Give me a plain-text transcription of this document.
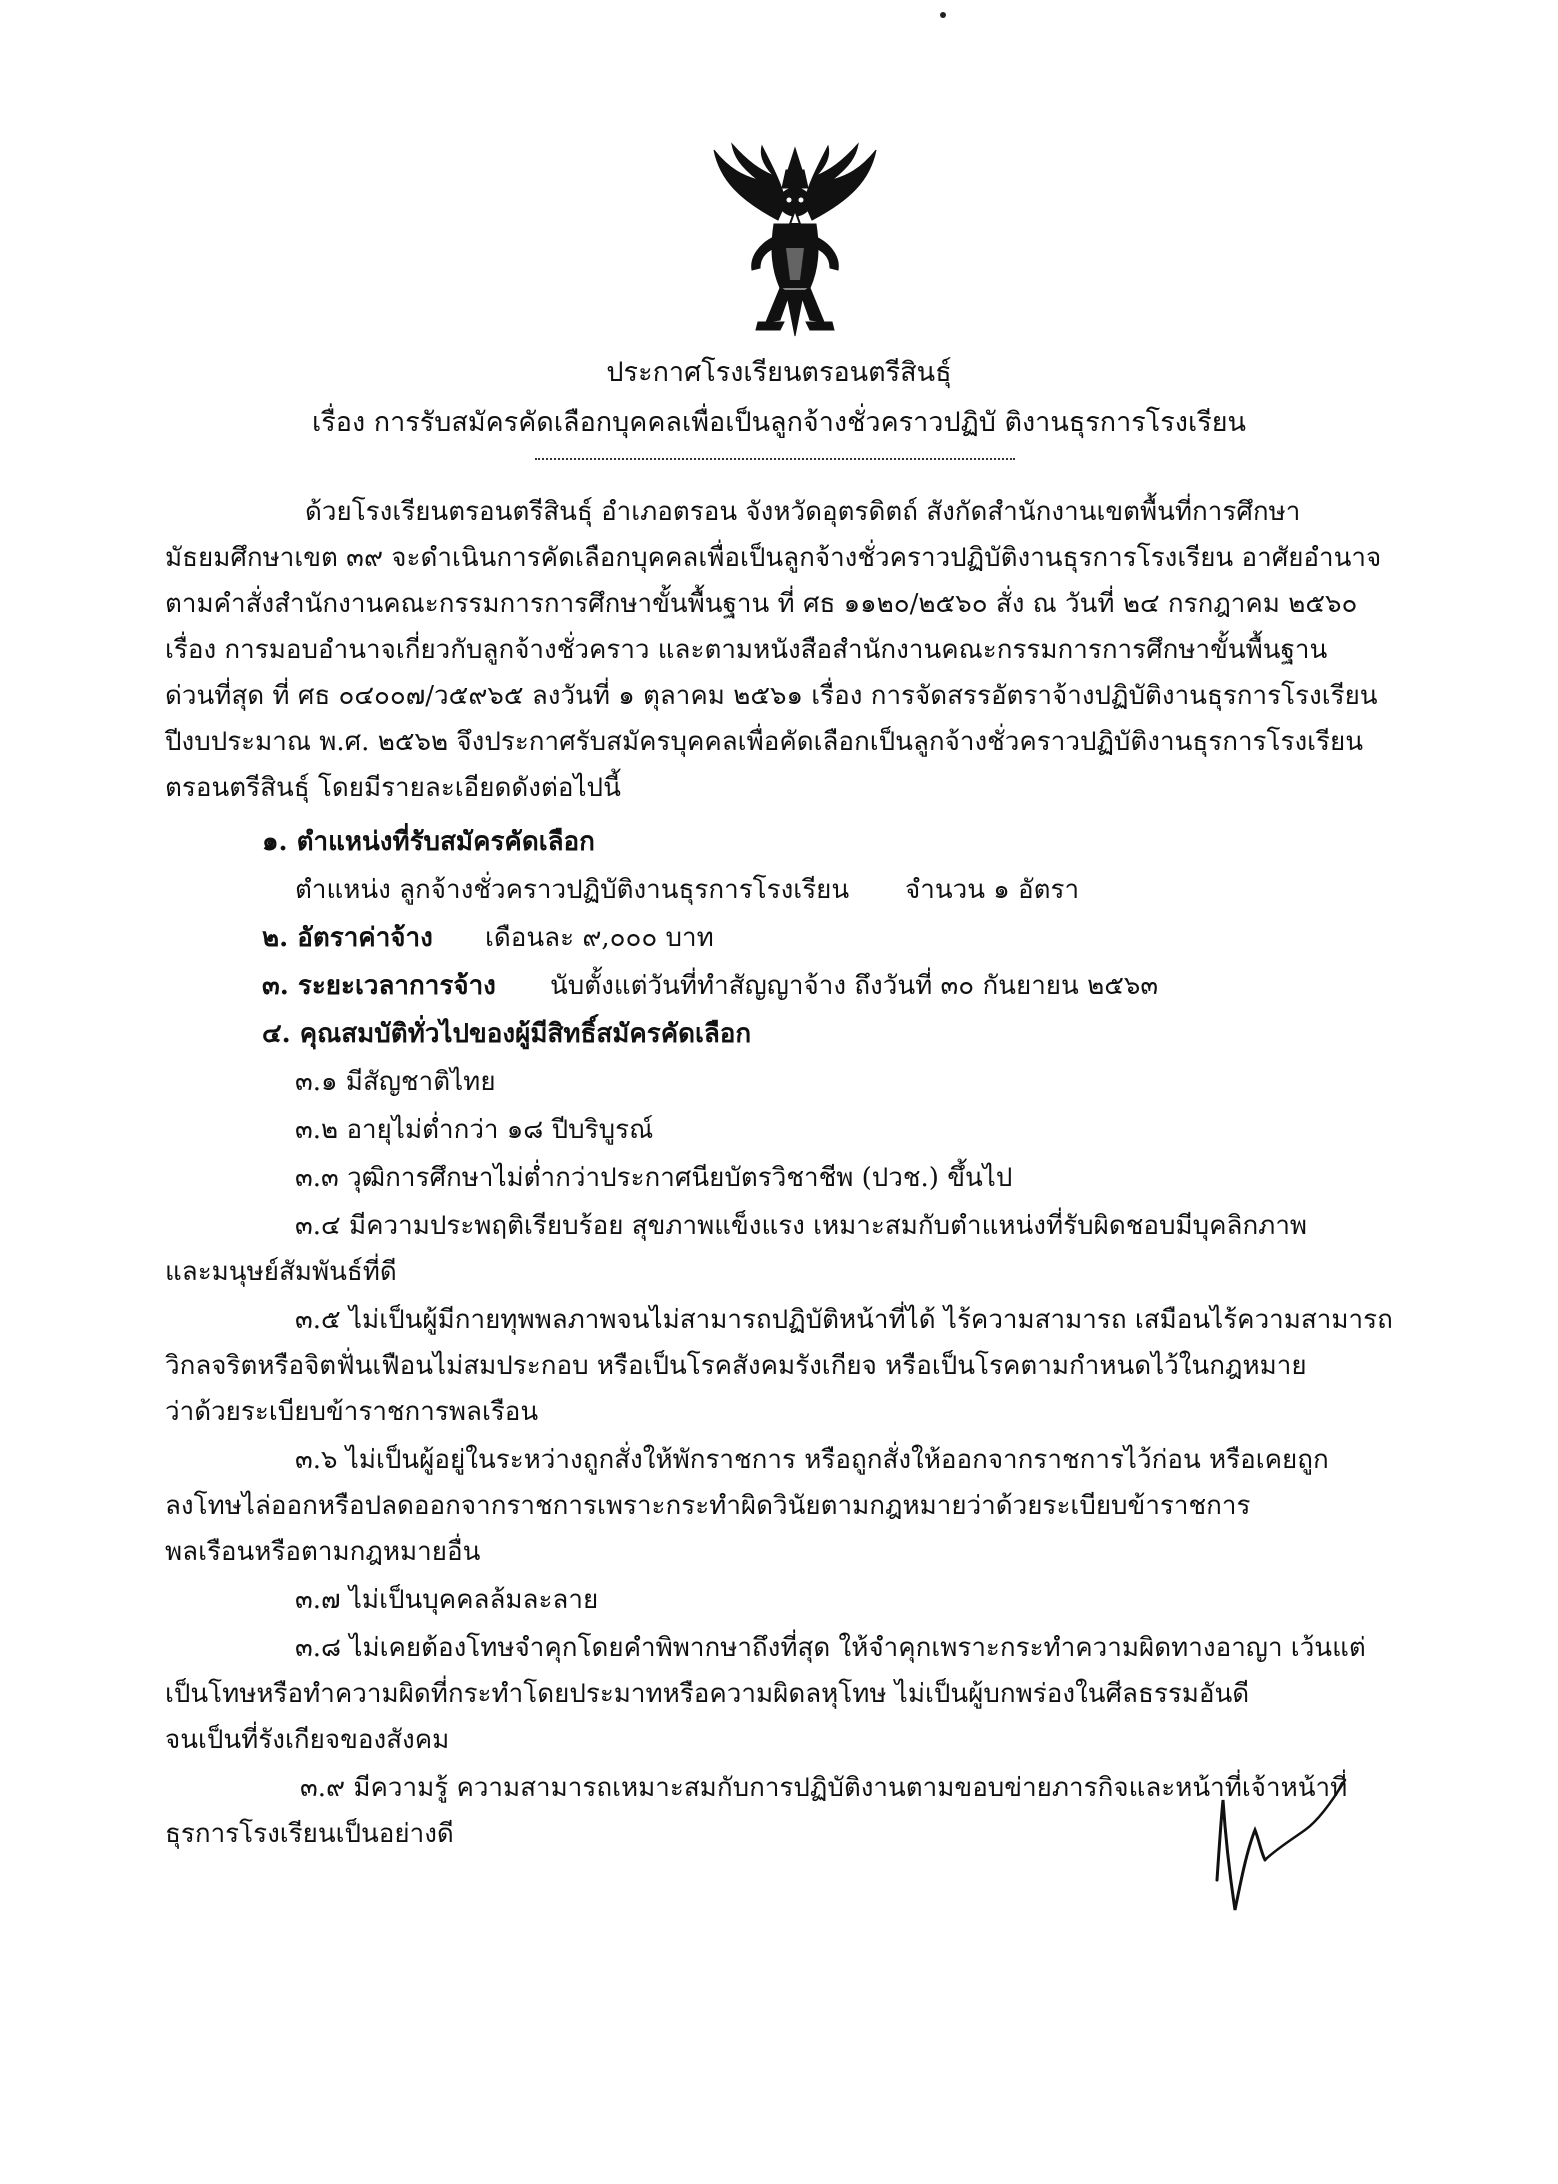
ประกาศโรงเรียนตรอนตรีสินธุ์
เรื่อง การรับสมัครคัดเลือกบุคคลเพื่อเป็นลูกจ้างชั่วคราวปฏิบั ติงานธุรการโรงเรียน
ด้วยโรงเรียนตรอนตรีสินธุ์ อำเภอตรอน จังหวัดอุตรดิตถ์ สังกัดสำนักงานเขตพื้นที่การศึกษา
มัธยมศึกษาเขต ๓๙ จะดำเนินการคัดเลือกบุคคลเพื่อเป็นลูกจ้างชั่วคราวปฏิบัติงานธุรการโรงเรียน อาศัยอำนาจ
ตามคำสั่งสำนักงานคณะกรรมการการศึกษาขั้นพื้นฐาน ที่ ศธ ๑๑๒๐/๒๕๖๐ สั่ง ณ วันที่ ๒๔ กรกฎาคม ๒๕๖๐
เรื่อง การมอบอำนาจเกี่ยวกับลูกจ้างชั่วคราว และตามหนังสือสำนักงานคณะกรรมการการศึกษาขั้นพื้นฐาน
ด่วนที่สุด ที่ ศธ ๐๔๐๐๗/ว๕๙๖๕ ลงวันที่ ๑ ตุลาคม ๒๕๖๑ เรื่อง การจัดสรรอัตราจ้างปฏิบัติงานธุรการโรงเรียน
ปีงบประมาณ พ.ศ. ๒๕๖๒ จึงประกาศรับสมัครบุคคลเพื่อคัดเลือกเป็นลูกจ้างชั่วคราวปฏิบัติงานธุรการโรงเรียน
ตรอนตรีสินธุ์ โดยมีรายละเอียดดังต่อไปนี้
๑. ตำแหน่งที่รับสมัครคัดเลือก
ตำแหน่ง ลูกจ้างชั่วคราวปฏิบัติงานธุรการโรงเรียน จำนวน ๑ อัตรา
๒. อัตราค่าจ้าง เดือนละ ๙,๐๐๐ บาท
๓. ระยะเวลาการจ้าง นับตั้งแต่วันที่ทำสัญญาจ้าง ถึงวันที่ ๓๐ กันยายน ๒๕๖๓
๔. คุณสมบัติทั่วไปของผู้มีสิทธิ์สมัครคัดเลือก
๓.๑ มีสัญชาติไทย
๓.๒ อายุไม่ต่ำกว่า ๑๘ ปีบริบูรณ์
๓.๓ วุฒิการศึกษาไม่ต่ำกว่าประกาศนียบัตรวิชาชีพ (ปวช.) ขึ้นไป
๓.๔ มีความประพฤติเรียบร้อย สุขภาพแข็งแรง เหมาะสมกับตำแหน่งที่รับผิดชอบมีบุคลิกภาพ
และมนุษย์สัมพันธ์ที่ดี
๓.๕ ไม่เป็นผู้มีกายทุพพลภาพจนไม่สามารถปฏิบัติหน้าที่ได้ ไร้ความสามารถ เสมือนไร้ความสามารถ
วิกลจริตหรือจิตฟั่นเฟือนไม่สมประกอบ หรือเป็นโรคสังคมรังเกียจ หรือเป็นโรคตามกำหนดไว้ในกฎหมาย
ว่าด้วยระเบียบข้าราชการพลเรือน
๓.๖ ไม่เป็นผู้อยู่ในระหว่างถูกสั่งให้พักราชการ หรือถูกสั่งให้ออกจากราชการไว้ก่อน หรือเคยถูก
ลงโทษไล่ออกหรือปลดออกจากราชการเพราะกระทำผิดวินัยตามกฎหมายว่าด้วยระเบียบข้าราชการ
พลเรือนหรือตามกฎหมายอื่น
๓.๗ ไม่เป็นบุคคลล้มละลาย
๓.๘ ไม่เคยต้องโทษจำคุกโดยคำพิพากษาถึงที่สุด ให้จำคุกเพราะกระทำความผิดทางอาญา เว้นแต่
เป็นโทษหรือทำความผิดที่กระทำโดยประมาทหรือความผิดลหุโทษ ไม่เป็นผู้บกพร่องในศีลธรรมอันดี
จนเป็นที่รังเกียจของสังคม
๓.๙ มีความรู้ ความสามารถเหมาะสมกับการปฏิบัติงานตามขอบข่ายภารกิจและหน้าที่เจ้าหน้าที่
ธุรการโรงเรียนเป็นอย่างดี
